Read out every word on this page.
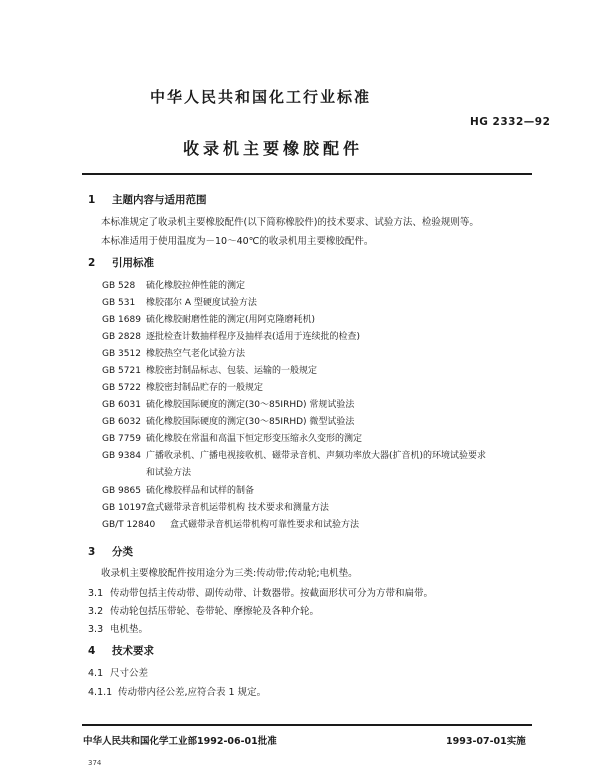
中华人民共和国化工行业标准
HG 2332—92
收录机主要橡胶配件
1 主题内容与适用范围
本标准规定了收录机主要橡胶配件(以下简称橡胶件)的技术要求、试验方法、检验规则等。
本标准适用于使用温度为－10～40℃的收录机用主要橡胶配件。
2 引用标准
GB 528 硫化橡胶拉伸性能的测定
GB 531 橡胶邵尔 A 型硬度试验方法
GB 1689 硫化橡胶耐磨性能的测定(用阿克隆磨耗机)
GB 2828 逐批检查计数抽样程序及抽样表(适用于连续批的检查)
GB 3512 橡胶热空气老化试验方法
GB 5721 橡胶密封制品标志、包装、运输的一般规定
GB 5722 橡胶密封制品贮存的一般规定
GB 6031 硫化橡胶国际硬度的测定(30～85IRHD) 常规试验法
GB 6032 硫化橡胶国际硬度的测定(30～85IRHD) 微型试验法
GB 7759 硫化橡胶在常温和高温下恒定形变压缩永久变形的测定
GB 9384 广播收录机、广播电视接收机、磁带录音机、声频功率放大器(扩音机)的环境试验要求
和试验方法
GB 9865 硫化橡胶样品和试样的制备
GB 10197盒式磁带录音机运带机构 技术要求和测量方法
GB/T 12840 盒式磁带录音机运带机构可靠性要求和试验方法
3 分类
收录机主要橡胶配件按用途分为三类:传动带;传动轮;电机垫。
3.1 传动带包括主传动带、副传动带、计数器带。按截面形状可分为方带和扁带。
3.2 传动轮包括压带轮、卷带轮、摩擦轮及各种介轮。
3.3 电机垫。
4 技术要求
4.1 尺寸公差
4.1.1 传动带内径公差,应符合表 1 规定。
中华人民共和国化学工业部1992-06-01批准	1993-07-01实施
374
